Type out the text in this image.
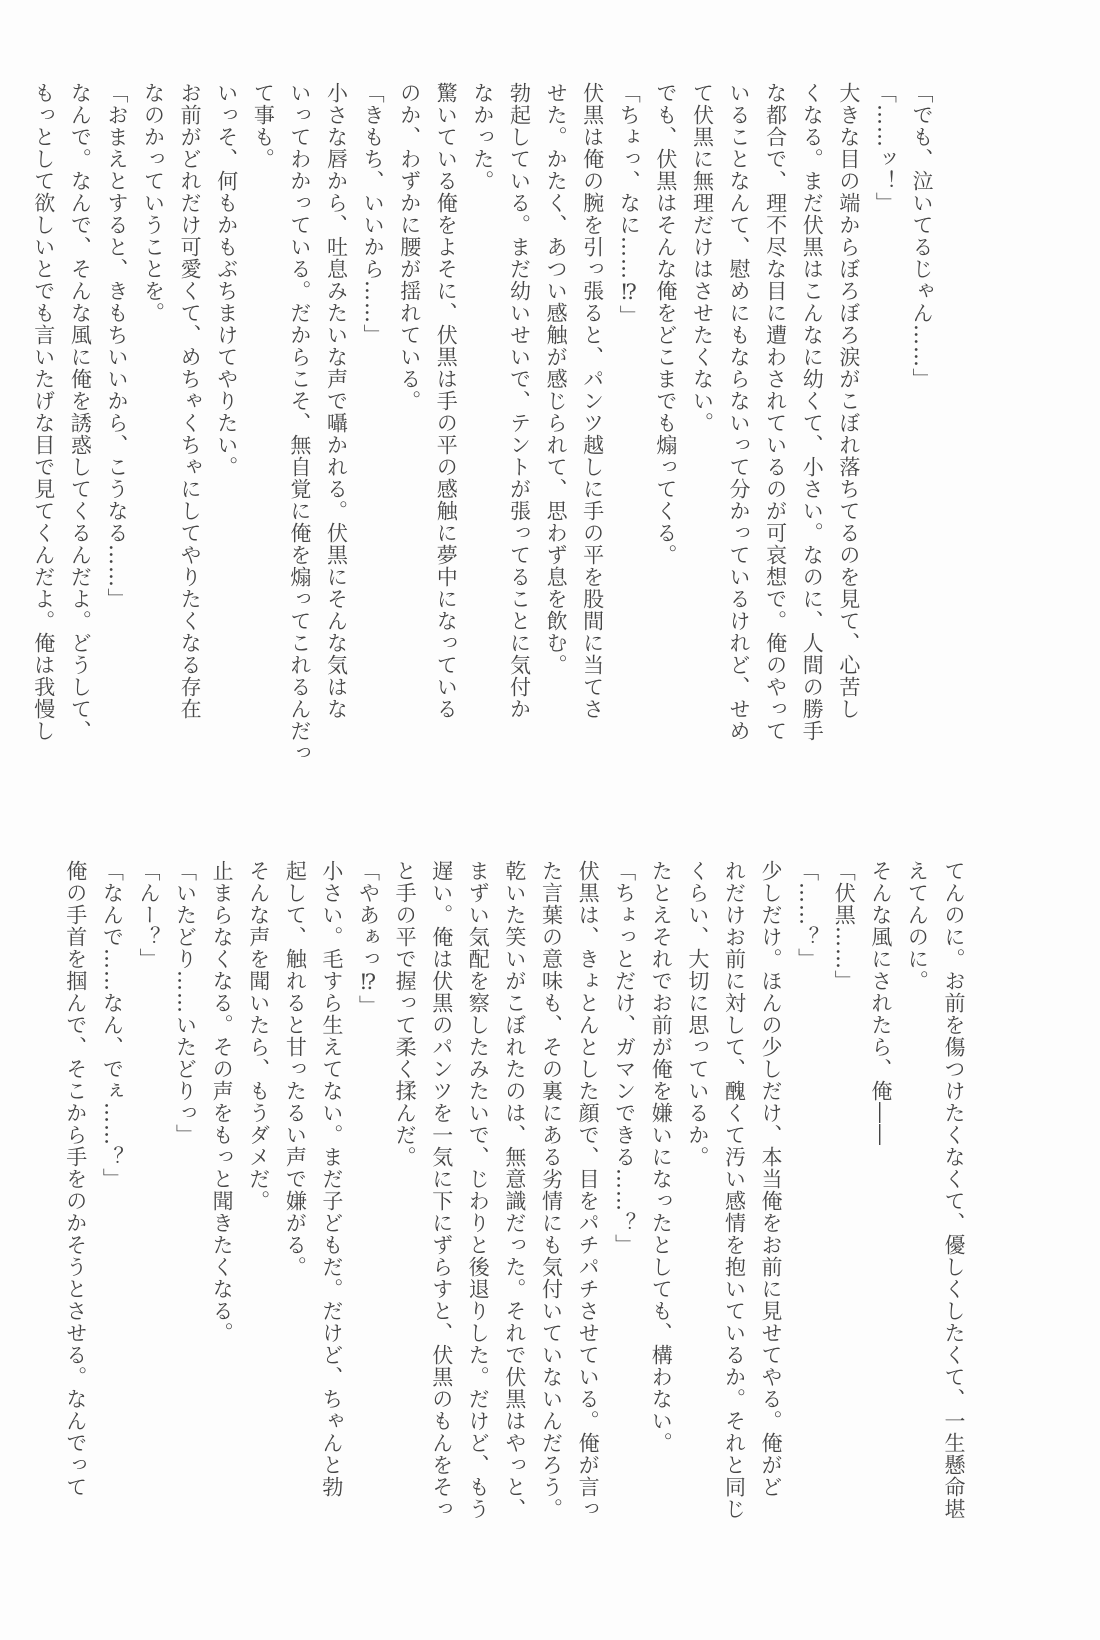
「でも、泣いてるじゃん……」
「……ッ！」
大きな目の端からぼろぼろ涙がこぼれ落ちてるのを見て、心苦し
くなる。まだ伏黒はこんなに幼くて、小さい。なのに、人間の勝手
な都合で、理不尽な目に遭わされているのが可哀想で。俺のやって
いることなんて、慰めにもならないって分かっているけれど、せめ
て伏黒に無理だけはさせたくない。
でも、伏黒はそんな俺をどこまでも煽ってくる。
「ちょっ、なに……⁉」
伏黒は俺の腕を引っ張ると、パンツ越しに手の平を股間に当てさ
せた。かたく、あつい感触が感じられて、思わず息を飲む。
勃起している。まだ幼いせいで、テントが張ってることに気付か
なかった。
驚いている俺をよそに、伏黒は手の平の感触に夢中になっている
のか、わずかに腰が揺れている。
「きもち、いいから……」
小さな唇から、吐息みたいな声で囁かれる。伏黒にそんな気はな
いってわかっている。だからこそ、無自覚に俺を煽ってこれるんだっ
て事も。
いっそ、何もかもぶちまけてやりたい。
お前がどれだけ可愛くて、めちゃくちゃにしてやりたくなる存在
なのかっていうことを。
「おまえとすると、きもちいいから、こうなる……」
なんで。なんで、そんな風に俺を誘惑してくるんだよ。どうして、
もっとして欲しいとでも言いたげな目で見てくんだよ。俺は我慢し
てんのに。お前を傷つけたくなくて、優しくしたくて、一生懸命堪
えてんのに。
そんな風にされたら、俺――
「伏黒……」
「……？」
少しだけ。ほんの少しだけ、本当俺をお前に見せてやる。俺がど
れだけお前に対して、醜くて汚い感情を抱いているか。それと同じ
くらい、大切に思っているか。
たとえそれでお前が俺を嫌いになったとしても、構わない。
「ちょっとだけ、ガマンできる……？」
伏黒は、きょとんとした顔で、目をパチパチさせている。俺が言っ
た言葉の意味も、その裏にある劣情にも気付いていないんだろう。
乾いた笑いがこぼれたのは、無意識だった。それで伏黒はやっと、
まずい気配を察したみたいで、じわりと後退りした。だけど、もう
遅い。俺は伏黒のパンツを一気に下にずらすと、伏黒のもんをそっ
と手の平で握って柔く揉んだ。
「やあぁっ⁉」
小さい。毛すら生えてない。まだ子どもだ。だけど、ちゃんと勃
起して、触れると甘ったるい声で嫌がる。
そんな声を聞いたら、もうダメだ。
止まらなくなる。その声をもっと聞きたくなる。
「いたどり……いたどりっ」
「んー？」
「なんで……なん、でぇ……？」
俺の手首を掴んで、そこから手をのかそうとさせる。なんでって
